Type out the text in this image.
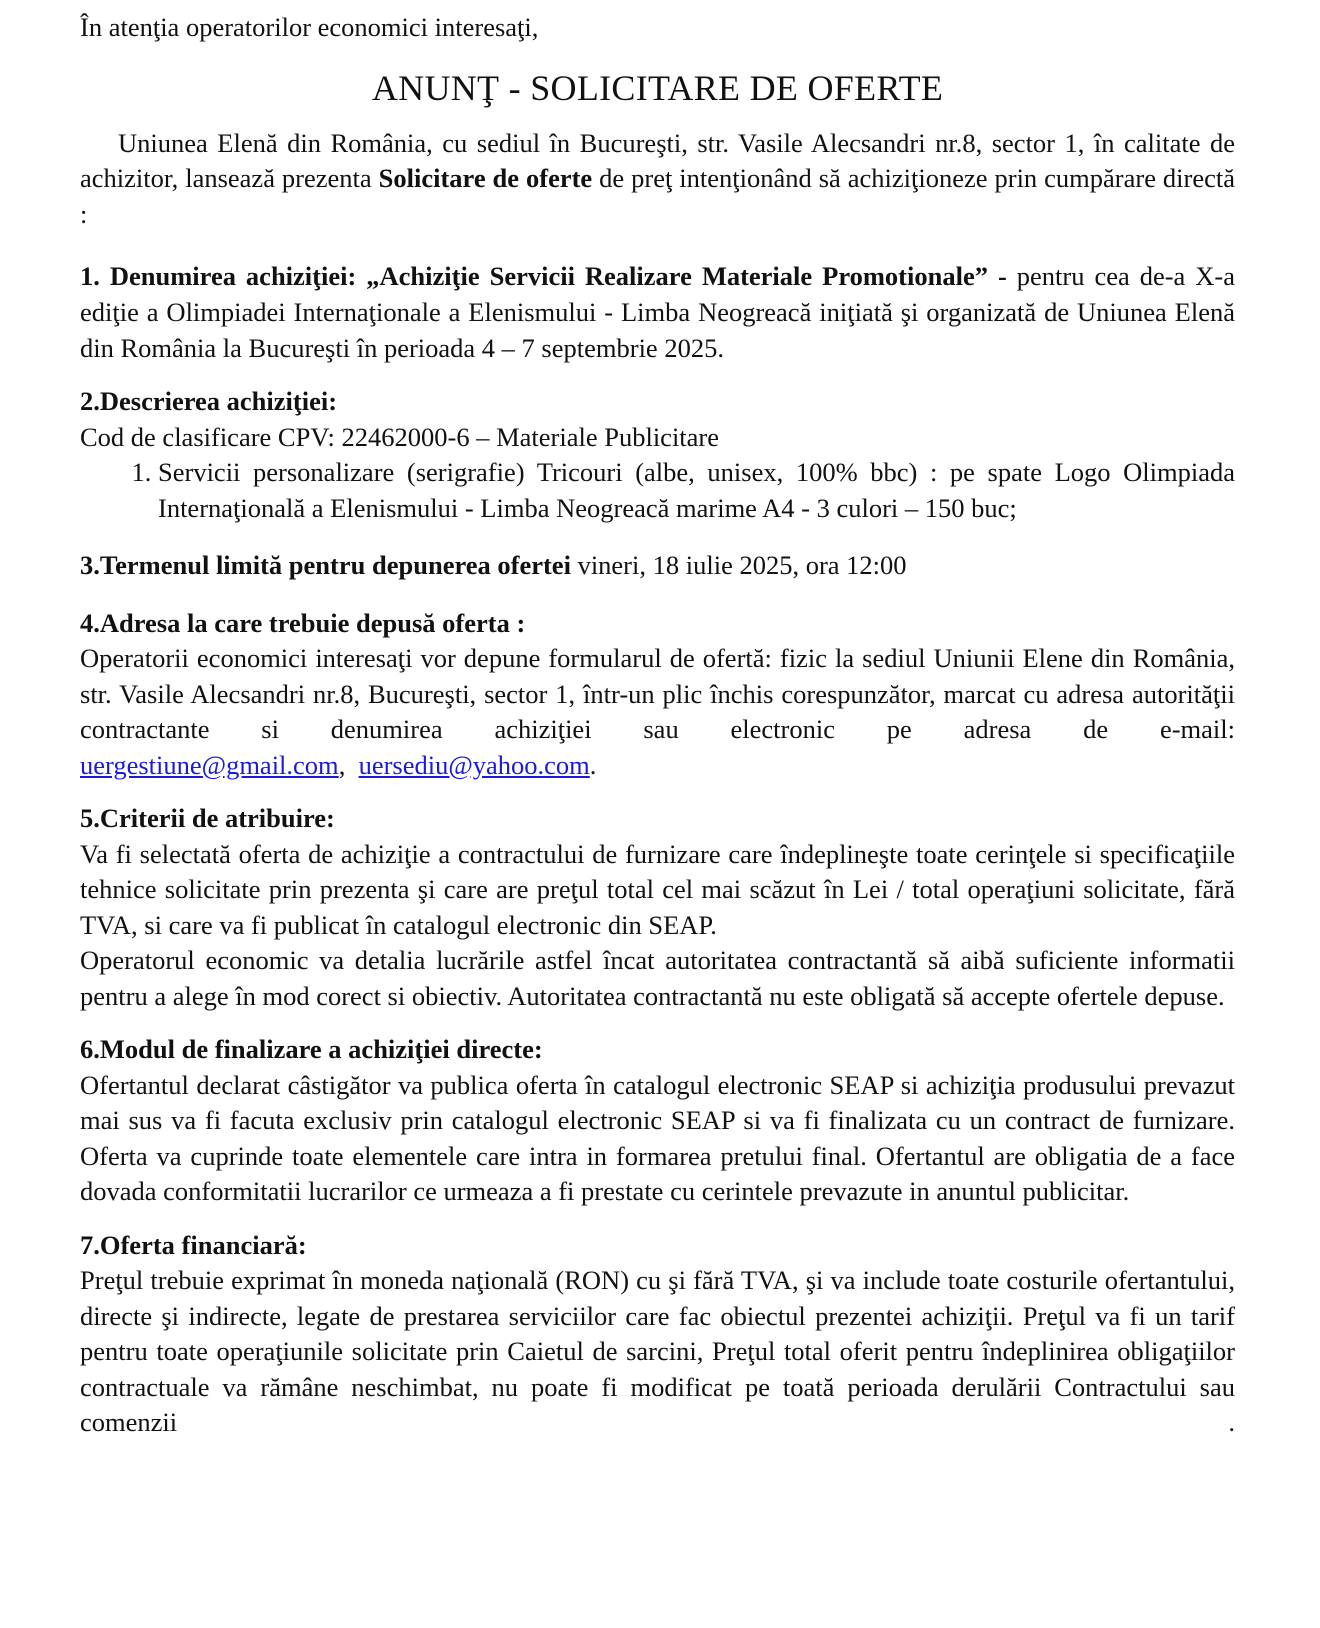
În atenţia operatorilor economici interesaţi,

ANUNŢ - SOLICITARE DE OFERTE

Uniunea Elenă din România, cu sediul în Bucureşti, str. Vasile Alecsandri nr.8, sector 1, în calitate de achizitor, lansează prezenta Solicitare de oferte de preţ intenţionând să achiziţioneze prin cumpărare directă :

1. Denumirea achiziţiei: „Achiziţie Servicii Realizare Materiale Promotionale” - pentru cea de-a X-a ediţie a Olimpiadei Internaţionale a Elenismului - Limba Neogreacă iniţiată şi organizată de Uniunea Elenă din România la Bucureşti în perioada 4 – 7 septembrie 2025.

2.Descrierea achiziţiei:

Cod de clasificare CPV: 22462000-6 – Materiale Publicitare

1. Servicii personalizare (serigrafie) Tricouri (albe, unisex, 100% bbc) : pe spate Logo Olimpiada Internaţională a Elenismului - Limba Neogreacă marime A4 - 3 culori – 150 buc;

3.Termenul limită pentru depunerea ofertei vineri, 18 iulie 2025, ora 12:00

4.Adresa la care trebuie depusă oferta :

Operatorii economici interesaţi vor depune formularul de ofertă: fizic la sediul Uniunii Elene din România, str. Vasile Alecsandri nr.8, Bucureşti, sector 1, într-un plic închis corespunzător, marcat cu adresa autorităţii contractante si denumirea achiziţiei sau electronic pe adresa de e-mail: uergestiune@gmail.com,  uersediu@yahoo.com.

5.Criterii de atribuire:

Va fi selectată oferta de achiziţie a contractului de furnizare care îndeplineşte toate cerinţele si specificaţiile tehnice solicitate prin prezenta şi care are preţul total cel mai scăzut în Lei / total operaţiuni solicitate, fără TVA, si care va fi publicat în catalogul electronic din SEAP.

Operatorul economic va detalia lucrările astfel încat autoritatea contractantă să aibă suficiente informatii pentru a alege în mod corect si obiectiv. Autoritatea contractantă nu este obligată să accepte ofertele depuse.

6.Modul de finalizare a achiziţiei directe:

Ofertantul declarat câstigător va publica oferta în catalogul electronic SEAP si achiziţia produsului prevazut mai sus va fi facuta exclusiv prin catalogul electronic SEAP si va fi finalizata cu un contract de furnizare. Oferta va cuprinde toate elementele care intra in formarea pretului final. Ofertantul are obligatia de a face dovada conformitatii lucrarilor ce urmeaza a fi prestate cu cerintele prevazute in anuntul publicitar.

7.Oferta financiară:

Preţul trebuie exprimat în moneda naţională (RON) cu şi fără TVA, şi va include toate costurile ofertantului, directe şi indirecte, legate de prestarea serviciilor care fac obiectul prezentei achiziţii. Preţul va fi un tarif pentru toate operaţiunile solicitate prin Caietul de sarcini, Preţul total oferit pentru îndeplinirea obligaţiilor contractuale va rămâne neschimbat, nu poate fi modificat pe toată perioada derulării Contractului sau comenzii .
